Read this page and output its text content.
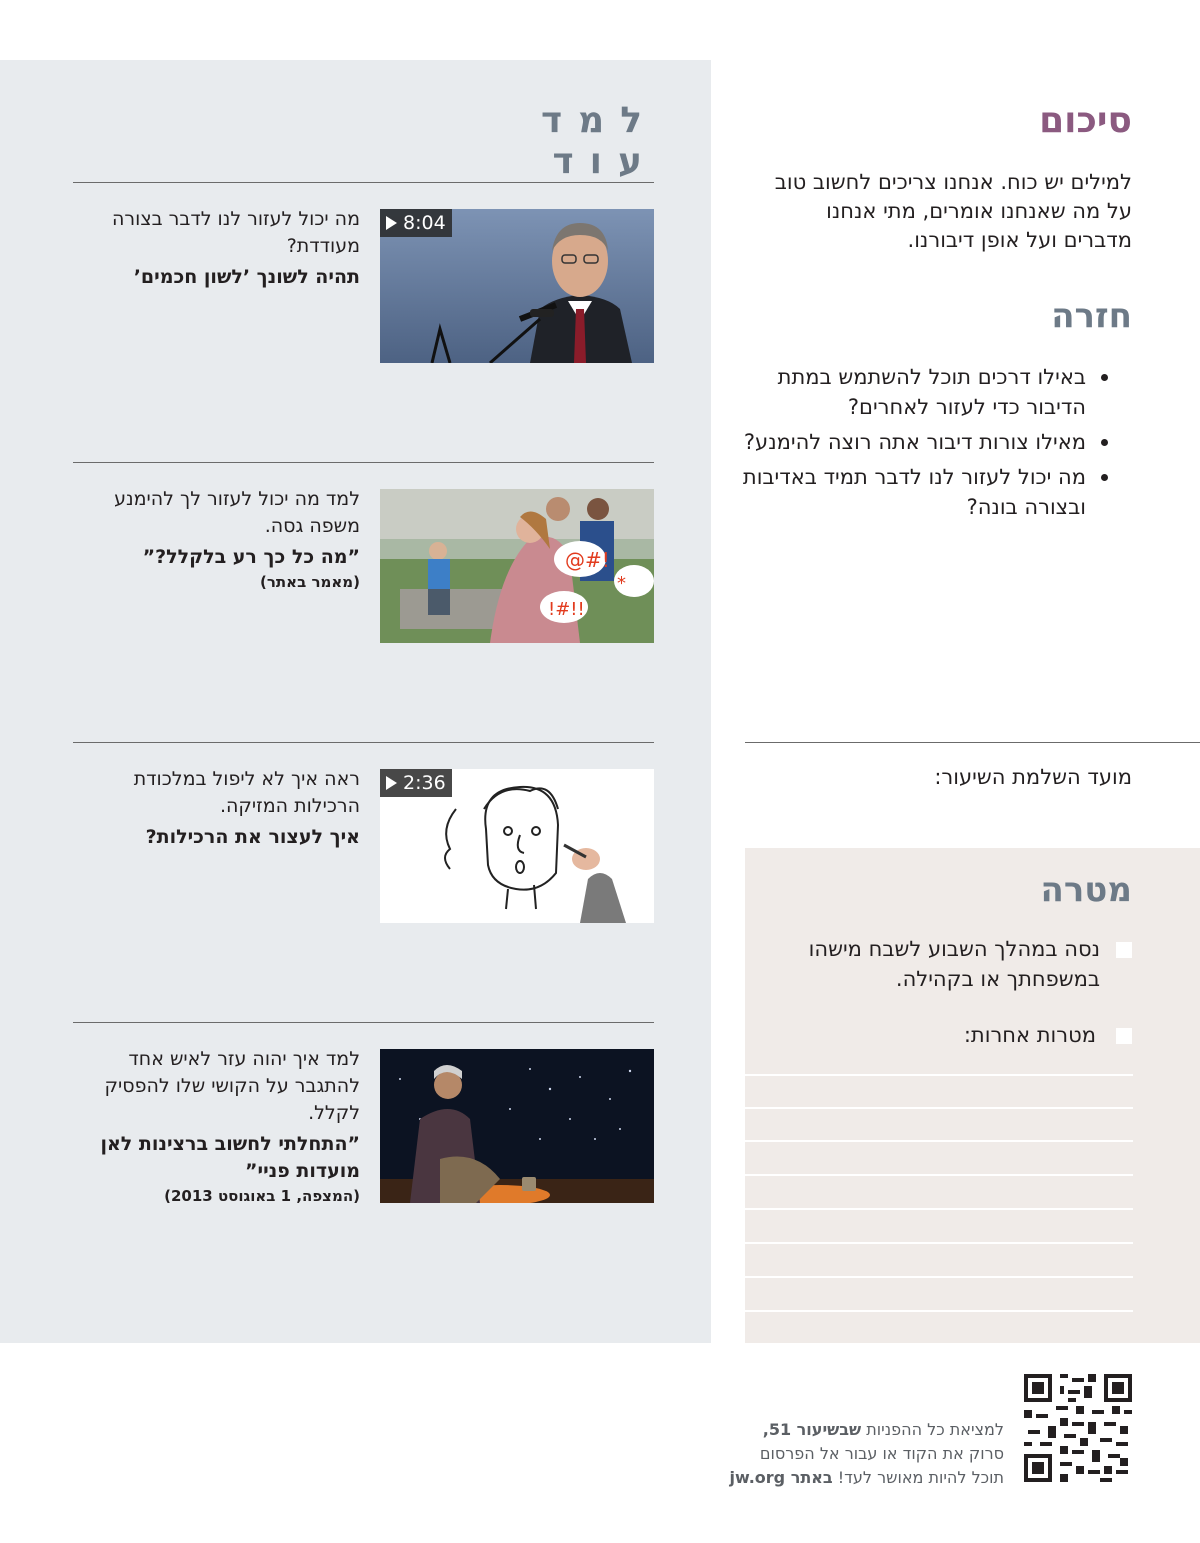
למד עוד
8:04
מה יכול לעזור לנו לדבר בצורה מעודדת?
תהיה לשונך ’לשון חכמים’
@#!
!#!!
*
למד מה יכול לעזור לך להימנע משפה גסה.
”מה כל כך רע בלקלל?”
(מאמר באתר)
2:36
ראה איך לא ליפול במלכודת הרכילות המזיקה.
איך לעצור את הרכילות?
למד איך יהוה עזר לאיש אחד להתגבר על הקושי שלו להפסיק לקלל.
”התחלתי לחשוב ברצינות לאן מועדות פניי”
(המצפה, 1 באוגוסט 2013)
סיכום
למילים יש כוח. אנחנו צריכים לחשוב טוב על מה שאנחנו אומרים, מתי אנחנו מדברים ועל אופן דיבורנו.
חזרה
באילו דרכים תוכל להשתמש במתת הדיבור כדי לעזור לאחרים?
מאילו צורות דיבור אתה רוצה להימנע?
מה יכול לעזור לנו לדבר תמיד באדיבות ובצורה בונה?
מועד השלמת השיעור:
מטרה
נסה במהלך השבוע לשבח מישהו במשפחתך או בקהילה.
מטרות אחרות:
למציאת כל ההפניות שבשיעור 51,
סרוק את הקוד או עבור אל הפרסום
תוכל להיות מאושר לעד! באתר jw.org
